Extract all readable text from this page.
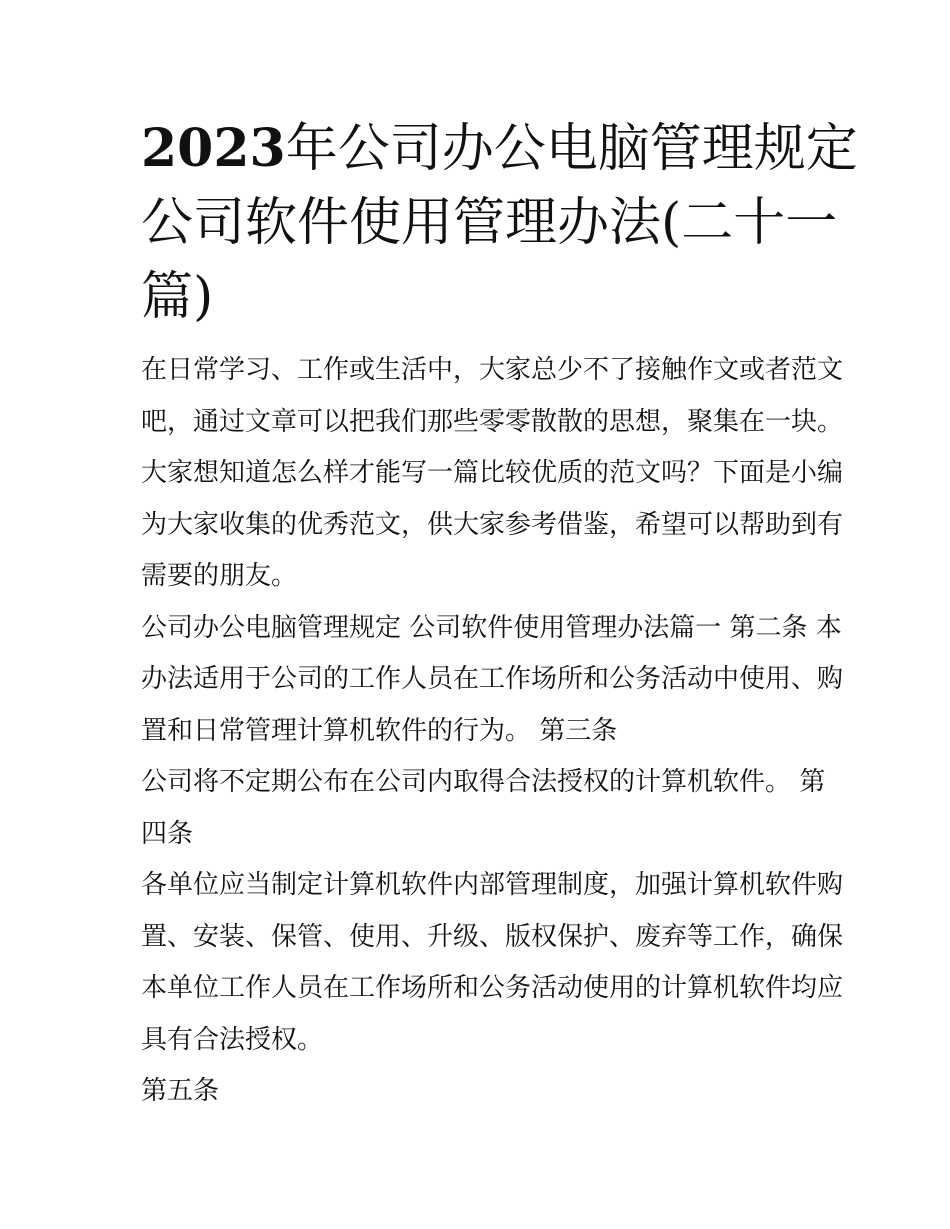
2023年公司办公电脑管理规定

公司软件使用管理办法(二十一

篇)

在日常学习、工作或生活中，大家总少不了接触作文或者范文

吧，通过文章可以把我们那些零零散散的思想，聚集在一块。

大家想知道怎么样才能写一篇比较优质的范文吗？下面是小编

为大家收集的优秀范文，供大家参考借鉴，希望可以帮助到有

需要的朋友。

公司办公电脑管理规定 公司软件使用管理办法篇一 第二条 本

办法适用于公司的工作人员在工作场所和公务活动中使用、购

置和日常管理计算机软件的行为。 第三条

公司将不定期公布在公司内取得合法授权的计算机软件。 第

四条

各单位应当制定计算机软件内部管理制度，加强计算机软件购

置、安装、保管、使用、升级、版权保护、废弃等工作，确保

本单位工作人员在工作场所和公务活动使用的计算机软件均应

具有合法授权。

第五条
